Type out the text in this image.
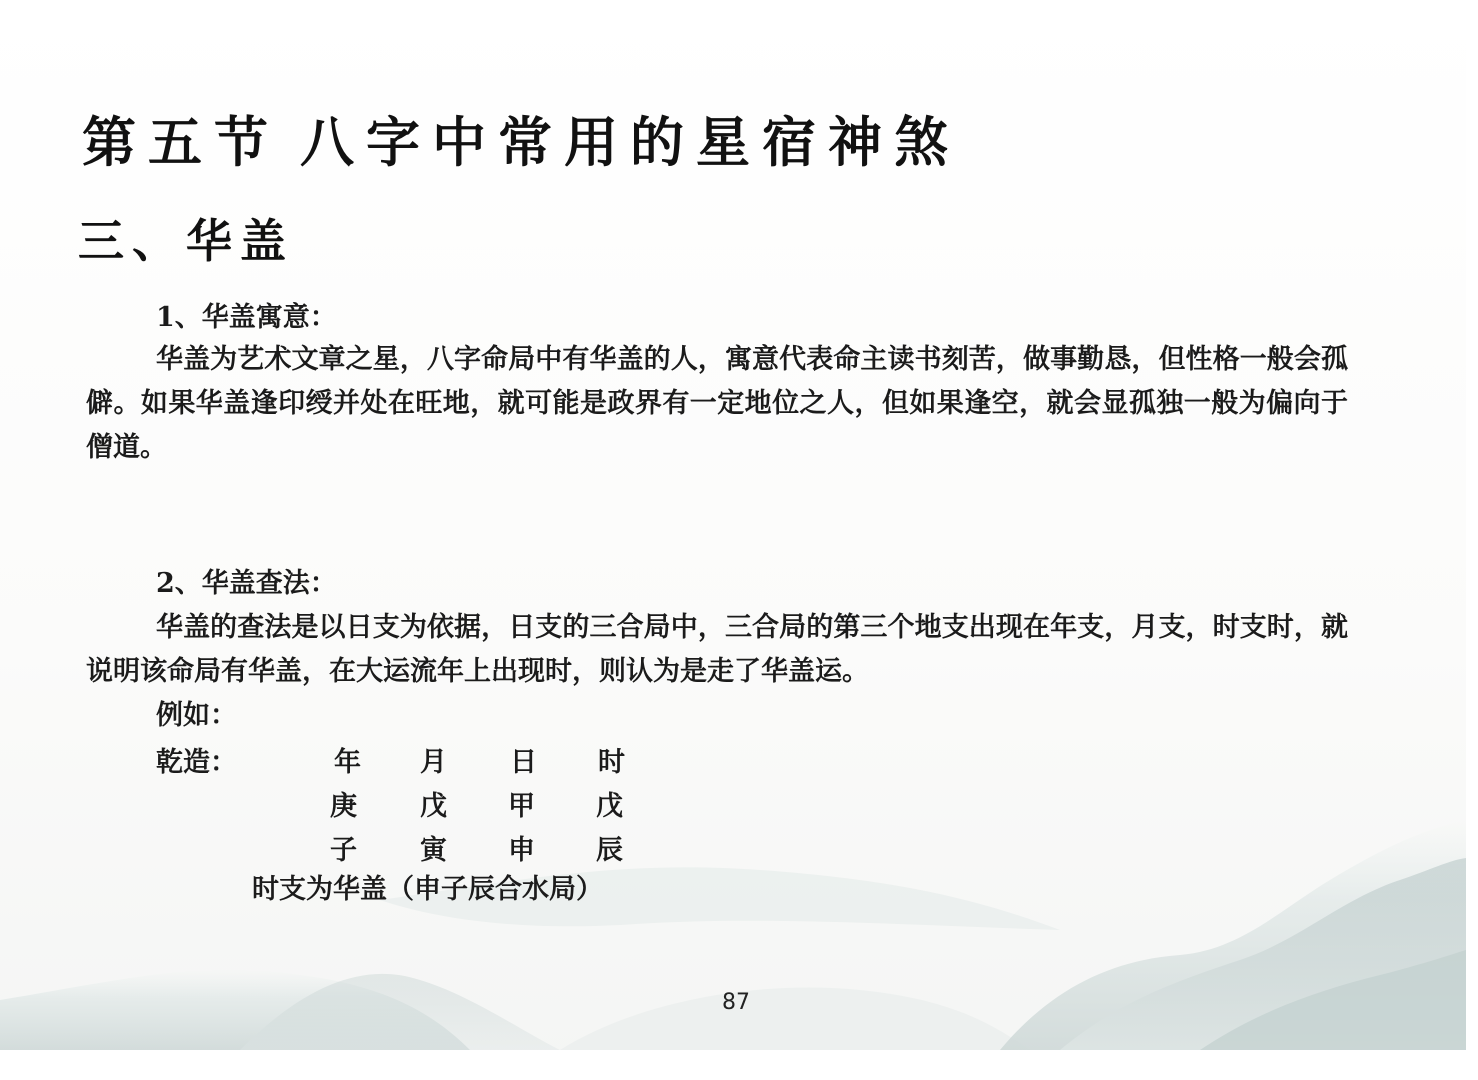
第五节 八字中常用的星宿神煞
三、华盖
1、华盖寓意：
华盖为艺术文章之星，八字命局中有华盖的人，寓意代表命主读书刻苦，做事勤恳，但性格一般会孤僻。如果华盖逢印绶并处在旺地，就可能是政界有一定地位之人，但如果逢空，就会显孤独一般为偏向于僧道。
2、华盖查法：
华盖的查法是以日支为依据，日支的三合局中，三合局的第三个地支出现在年支，月支，时支时，就说明该命局有华盖，在大运流年上出现时，则认为是走了华盖运。
例如：
乾造：	年 月 日 时
庚 戊 甲 戊
子 寅 申 辰
时支为华盖（申子辰合水局）
87
